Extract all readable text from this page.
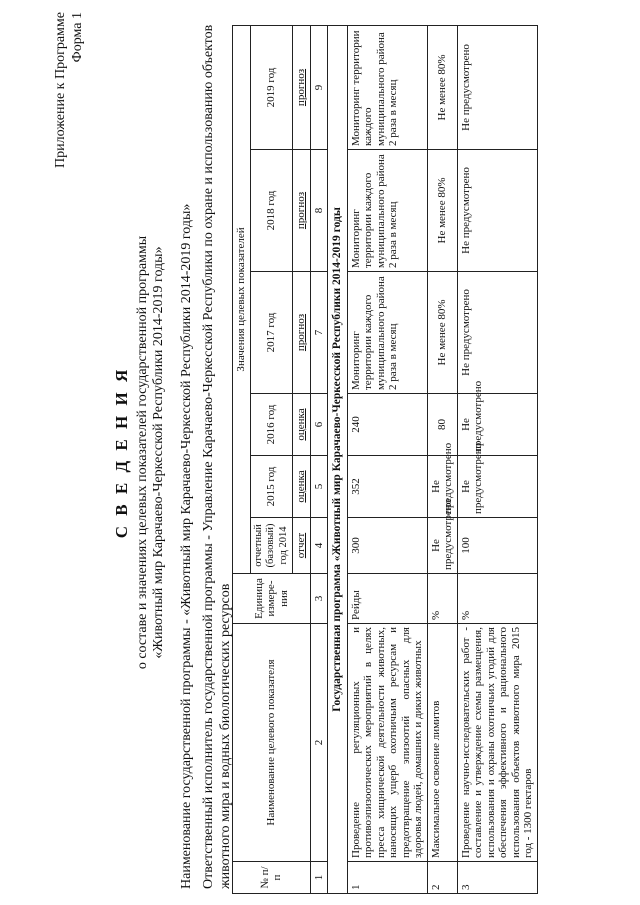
Приложение к Программе Форма 1
С В Е Д Е Н И Я о составе и значениях целевых показателей государственной программы «Животный мир Карачаево-Черкесской Республики 2014-2019 годы» Наименование государственной программы - «Животный мир Карачаево-Черкесской Республики 2014-2019 годы» Ответственный исполнитель государственной программы - Управление Карачаево-Черкесской Республики по охране и использованию объектов животного мира и водных биологических ресурсов № п/п	Наименование целевого показателя	Единица измере-ния	Значения целевых показателей					
			отчетный (базовый) год 2014	2015 год	2016 год	2017 год	2018 год	2019 год
			отчет	оценка	оценка	прогноз	прогноз	прогноз
1	2	3	4	5	6	7	8	9
Государственная программа «Животный мир Карачаево-Черкесской Республики 2014-2019 годы								
1	Проведение регуляционных и противоэпизоотических мероприятий в целях пресса хищнической деятельности животных, наносящих ущерб охотничьим ресурсам и предотвращение эпизоотий опасных для здоровья людей, домашних и диких животных	Рейды	300	352	240	Мониторинг территории каждого муниципального района 2 раза в месяц	Мониторинг территории каждого муниципального района 2 раза в месяц	Мониторинг территории каждого муниципального района 2 раза в месяц
2	Максимальное освоение лимитов	%	Не предусмотрено	Не предусмотрено	80	Не менее 80%	Не менее 80%	Не менее 80%
3	Проведение научно-исследовательских работ - составление и утверждение схемы размещения, использования и охраны охотничьих угодий для обеспечения эффективного и рационального использования объектов животного мира 2015 год - 1300 гектаров	%	100	Не предусмотрено	Не предусмотрено	Не предусмотрено	Не предусмотрено	Не предусмотрено
